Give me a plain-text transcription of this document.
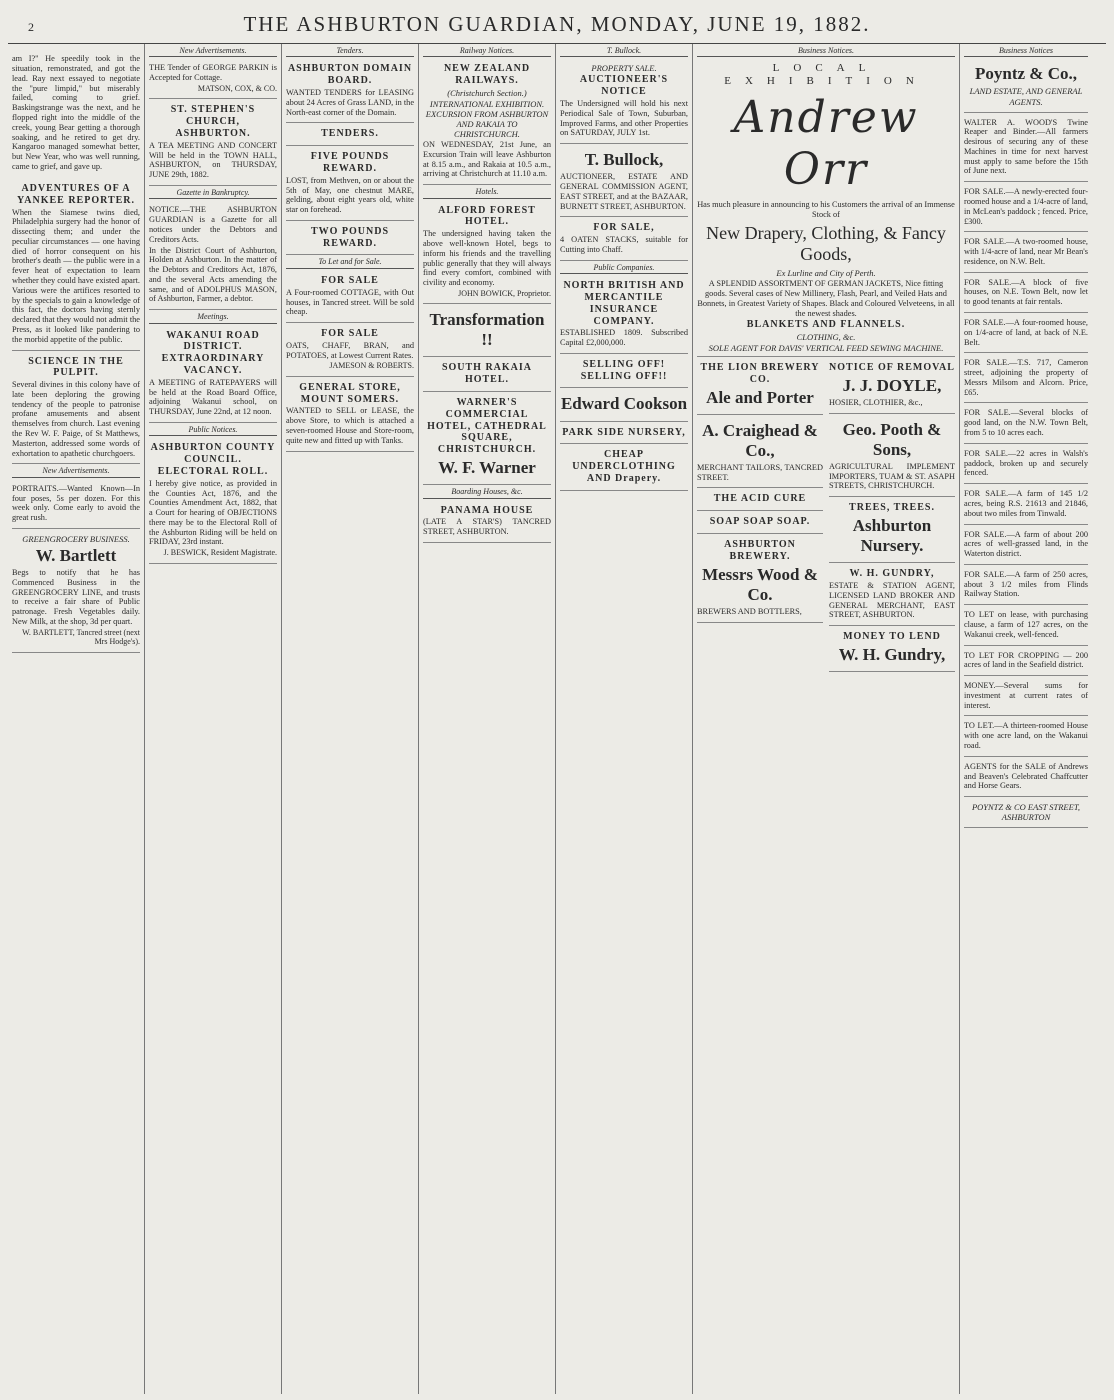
2	THE ASHBURTON GUARDIAN, MONDAY, JUNE 19, 1882.

am I?" He speedily took in the situation, remonstrated, and got the lead. Ray next essayed to negotiate the "pure limpid," but miserably failed, coming to grief. Baskingstrange was the next, and he flopped right into the middle of the creek, young Bear getting a thorough soaking, and he retired to get dry. Kangaroo managed somewhat better, but New Year, who was well running, came to grief, and gave up.

ADVENTURES OF A YANKEE REPORTER.

When the Siamese twins died, Philadelphia surgery had the honor of dissecting them; and under the peculiar circumstances — one having died of horror consequent on his brother's death — the public were in a fever heat of expectation to learn whether they could have existed apart. Various were the artifices resorted to by the specials to gain a knowledge of this fact, the doctors having sternly declared that they would not admit the Press, as it looked like pandering to the morbid appetite of the public.

SCIENCE IN THE PULPIT.

Several divines in this colony have of late been deploring the growing tendency of the people to patronise profane amusements and absent themselves from church. Last evening the Rev W. F. Paige, of St Matthews, Masterton, addressed some words of exhortation to apathetic churchgoers.

New Advertisements.

PORTRAITS.—Wanted Known—In four poses, 5s per dozen. For this week only. Come early to avoid the great rush.

GREENGROCERY BUSINESS.
W. Bartlett

Begs to notify that he has Commenced Business in the GREENGROCERY LINE, and trusts to receive a fair share of Public patronage. Fresh Vegetables daily. New Milk, at the shop, 3d per quart.

W. BARTLETT, Tancred street (next Mrs Hodge's).

New Advertisements.

THE Tender of GEORGE PARKIN is Accepted for Cottage.

MATSON, COX, & CO.

ST. STEPHEN'S CHURCH, ASHBURTON.

A TEA MEETING AND CONCERT Will be held in the TOWN HALL, ASHBURTON, on THURSDAY, JUNE 29th, 1882.

Gazette in Bankruptcy.

NOTICE.—THE ASHBURTON GUARDIAN is a Gazette for all notices under the Debtors and Creditors Acts.

In the District Court of Ashburton, Holden at Ashburton. In the matter of the Debtors and Creditors Act, 1876, and the several Acts amending the same, and of ADOLPHUS MASON, of Ashburton, Farmer, a debtor.

Meetings.
WAKANUI ROAD DISTRICT. EXTRAORDINARY VACANCY.

A MEETING of RATEPAYERS will be held at the Road Board Office, adjoining Wakanui school, on THURSDAY, June 22nd, at 12 noon.

Public Notices.
ASHBURTON COUNTY COUNCIL. ELECTORAL ROLL.

I hereby give notice, as provided in the Counties Act, 1876, and the Counties Amendment Act, 1882, that a Court for hearing of OBJECTIONS there may be to the Electoral Roll of the Ashburton Riding will be held on FRIDAY, 23rd instant.

J. BESWICK, Resident Magistrate.

Tenders.
ASHBURTON DOMAIN BOARD.

WANTED TENDERS for LEASING about 24 Acres of Grass LAND, in the North-east corner of the Domain.

TENDERS.
FIVE POUNDS REWARD.

LOST, from Methven, on or about the 5th of May, one chestnut MARE, gelding, about eight years old, white star on forehead.

TWO POUNDS REWARD.
To Let and for Sale.
FOR SALE

A Four-roomed COTTAGE, with Out houses, in Tancred street. Will be sold cheap.

FOR SALE

OATS, CHAFF, BRAN, and POTATOES, at Lowest Current Rates.

JAMESON & ROBERTS.

GENERAL STORE, MOUNT SOMERS.

WANTED to SELL or LEASE, the above Store, to which is attached a seven-roomed House and Store-room, quite new and fitted up with Tanks.

Railway Notices.
NEW ZEALAND RAILWAYS.
(Christchurch Section.)
INTERNATIONAL EXHIBITION. EXCURSION FROM ASHBURTON AND RAKAIA TO CHRISTCHURCH.

ON WEDNESDAY, 21st June, an Excursion Train will leave Ashburton at 8.15 a.m., and Rakaia at 10.5 a.m., arriving at Christchurch at 11.10 a.m.

Hotels.
ALFORD FOREST HOTEL.

The undersigned having taken the above well-known Hotel, begs to inform his friends and the travelling public generally that they will always find every comfort, combined with civility and economy.

JOHN BOWICK, Proprietor.

Transformation !!
SOUTH RAKAIA HOTEL.
WARNER'S COMMERCIAL HOTEL, CATHEDRAL SQUARE, CHRISTCHURCH.
W. F. Warner
Boarding Houses, &c.
PANAMA HOUSE

(LATE A STAR'S) TANCRED STREET, ASHBURTON.

T. Bullock.
PROPERTY SALE.
AUCTIONEER'S NOTICE

The Undersigned will hold his next Periodical Sale of Town, Suburban, Improved Farms, and other Properties on SATURDAY, JULY 1st.

T. Bullock,

AUCTIONEER, ESTATE AND GENERAL COMMISSION AGENT, EAST STREET, and at the BAZAAR, BURNETT STREET, ASHBURTON.

FOR SALE,

4 OATEN STACKS, suitable for Cutting into Chaff.

Public Companies.
NORTH BRITISH AND MERCANTILE INSURANCE COMPANY.

ESTABLISHED 1809. Subscribed Capital £2,000,000.

SELLING OFF! SELLING OFF!!
Edward Cookson
PARK SIDE NURSERY,
CHEAP UNDERCLOTHING AND Drapery.
Business Notices.
LOCAL EXHIBITION
Andrew Orr

Has much pleasure in announcing to his Customers the arrival of an Immense Stock of

New Drapery, Clothing, & Fancy Goods,
Ex Lurline and City of Perth.

A SPLENDID ASSORTMENT OF GERMAN JACKETS, Nice fitting goods. Several cases of New Millinery, Flash, Pearl, and Veiled Hats and Bonnets, in Greatest Variety of Shapes. Black and Coloured Velveteens, in all the newest shades.

BLANKETS AND FLANNELS.
CLOTHING, &c.
SOLE AGENT FOR DAVIS' VERTICAL FEED SEWING MACHINE.
THE LION BREWERY CO.
Ale and Porter
A. Craighead & Co.,

MERCHANT TAILORS, TANCRED STREET.

THE ACID CURE
SOAP SOAP SOAP.
ASHBURTON BREWERY.
Messrs Wood & Co.

BREWERS AND BOTTLERS,

NOTICE OF REMOVAL
J. J. DOYLE,

HOSIER, CLOTHIER, &c.,

Geo. Pooth & Sons,

AGRICULTURAL IMPLEMENT IMPORTERS, TUAM & ST. ASAPH STREETS, CHRISTCHURCH.

TREES, TREES.
Ashburton Nursery.
W. H. GUNDRY,

ESTATE & STATION AGENT, LICENSED LAND BROKER AND GENERAL MERCHANT, EAST STREET, ASHBURTON.

MONEY TO LEND
W. H. Gundry,
Business Notices
Poyntz & Co.,
LAND ESTATE, AND GENERAL AGENTS.

WALTER A. WOOD'S Twine Reaper and Binder.—All farmers desirous of securing any of these Machines in time for next harvest must apply to same before the 15th of June next.

FOR SALE.—A newly-erected four-roomed house and a 1/4-acre of land, in McLean's paddock ; fenced. Price, £300.

FOR SALE.—A two-roomed house, with 1/4-acre of land, near Mr Bean's residence, on N.W. Belt.

FOR SALE.—A block of five houses, on N.E. Town Belt, now let to good tenants at fair rentals.

FOR SALE.—A four-roomed house, on 1/4-acre of land, at back of N.E. Belt.

FOR SALE.—T.S. 717, Cameron street, adjoining the property of Messrs Milsom and Alcorn. Price, £65.

FOR SALE.—Several blocks of good land, on the N.W. Town Belt, from 5 to 10 acres each.

FOR SALE.—22 acres in Walsh's paddock, broken up and securely fenced.

FOR SALE.—A farm of 145 1/2 acres, being R.S. 21613 and 21846, about two miles from Tinwald.

FOR SALE.—A farm of about 200 acres of well-grassed land, in the Waterton district.

FOR SALE.—A farm of 250 acres, about 3 1/2 miles from Flinds Railway Station.

TO LET on lease, with purchasing clause, a farm of 127 acres, on the Wakanui creek, well-fenced.

TO LET FOR CROPPING — 200 acres of land in the Seafield district.

MONEY.—Several sums for investment at current rates of interest.

TO LET.—A thirteen-roomed House with one acre land, on the Wakanui road.

AGENTS for the SALE of Andrews and Beaven's Celebrated Chaffcutter and Horse Gears.

POYNTZ & CO EAST STREET, ASHBURTON
